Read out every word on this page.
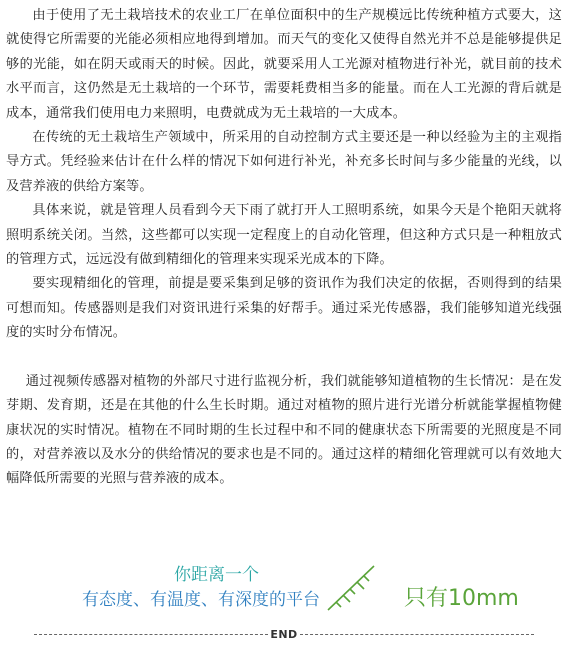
由于使用了无土栽培技术的农业工厂在单位面积中的生产规模远比传统种植方式要大，这就使得它所需要的光能必须相应地得到增加。而天气的变化又使得自然光并不总是能够提供足够的光能，如在阴天或雨天的时候。因此，就要采用人工光源对植物进行补光，就目前的技术水平而言，这仍然是无土栽培的一个环节，需要耗费相当多的能量。而在人工光源的背后就是成本，通常我们使用电力来照明，电费就成为无土栽培的一大成本。

在传统的无土栽培生产领域中，所采用的自动控制方式主要还是一种以经验为主的主观指导方式。凭经验来估计在什么样的情况下如何进行补光，补充多长时间与多少能量的光线，以及营养液的供给方案等。

具体来说，就是管理人员看到今天下雨了就打开人工照明系统，如果今天是个艳阳天就将照明系统关闭。当然，这些都可以实现一定程度上的自动化管理，但这种方式只是一种粗放式的管理方式，远远没有做到精细化的管理来实现采光成本的下降。

要实现精细化的管理，前提是要采集到足够的资讯作为我们决定的依据，否则得到的结果可想而知。传感器则是我们对资讯进行采集的好帮手。通过采光传感器，我们能够知道光线强度的实时分布情况。

通过视频传感器对植物的外部尺寸进行监视分析，我们就能够知道植物的生长情况：是在发芽期、发育期，还是在其他的什么生长时期。通过对植物的照片进行光谱分析就能掌握植物健康状况的实时情况。植物在不同时期的生长过程中和不同的健康状态下所需要的光照度是不同的，对营养液以及水分的供给情况的要求也是不同的。通过这样的精细化管理就可以有效地大幅降低所需要的光照与营养液的成本。

你距离一个
有态度、有温度、有深度的平台	只有10mm
END
